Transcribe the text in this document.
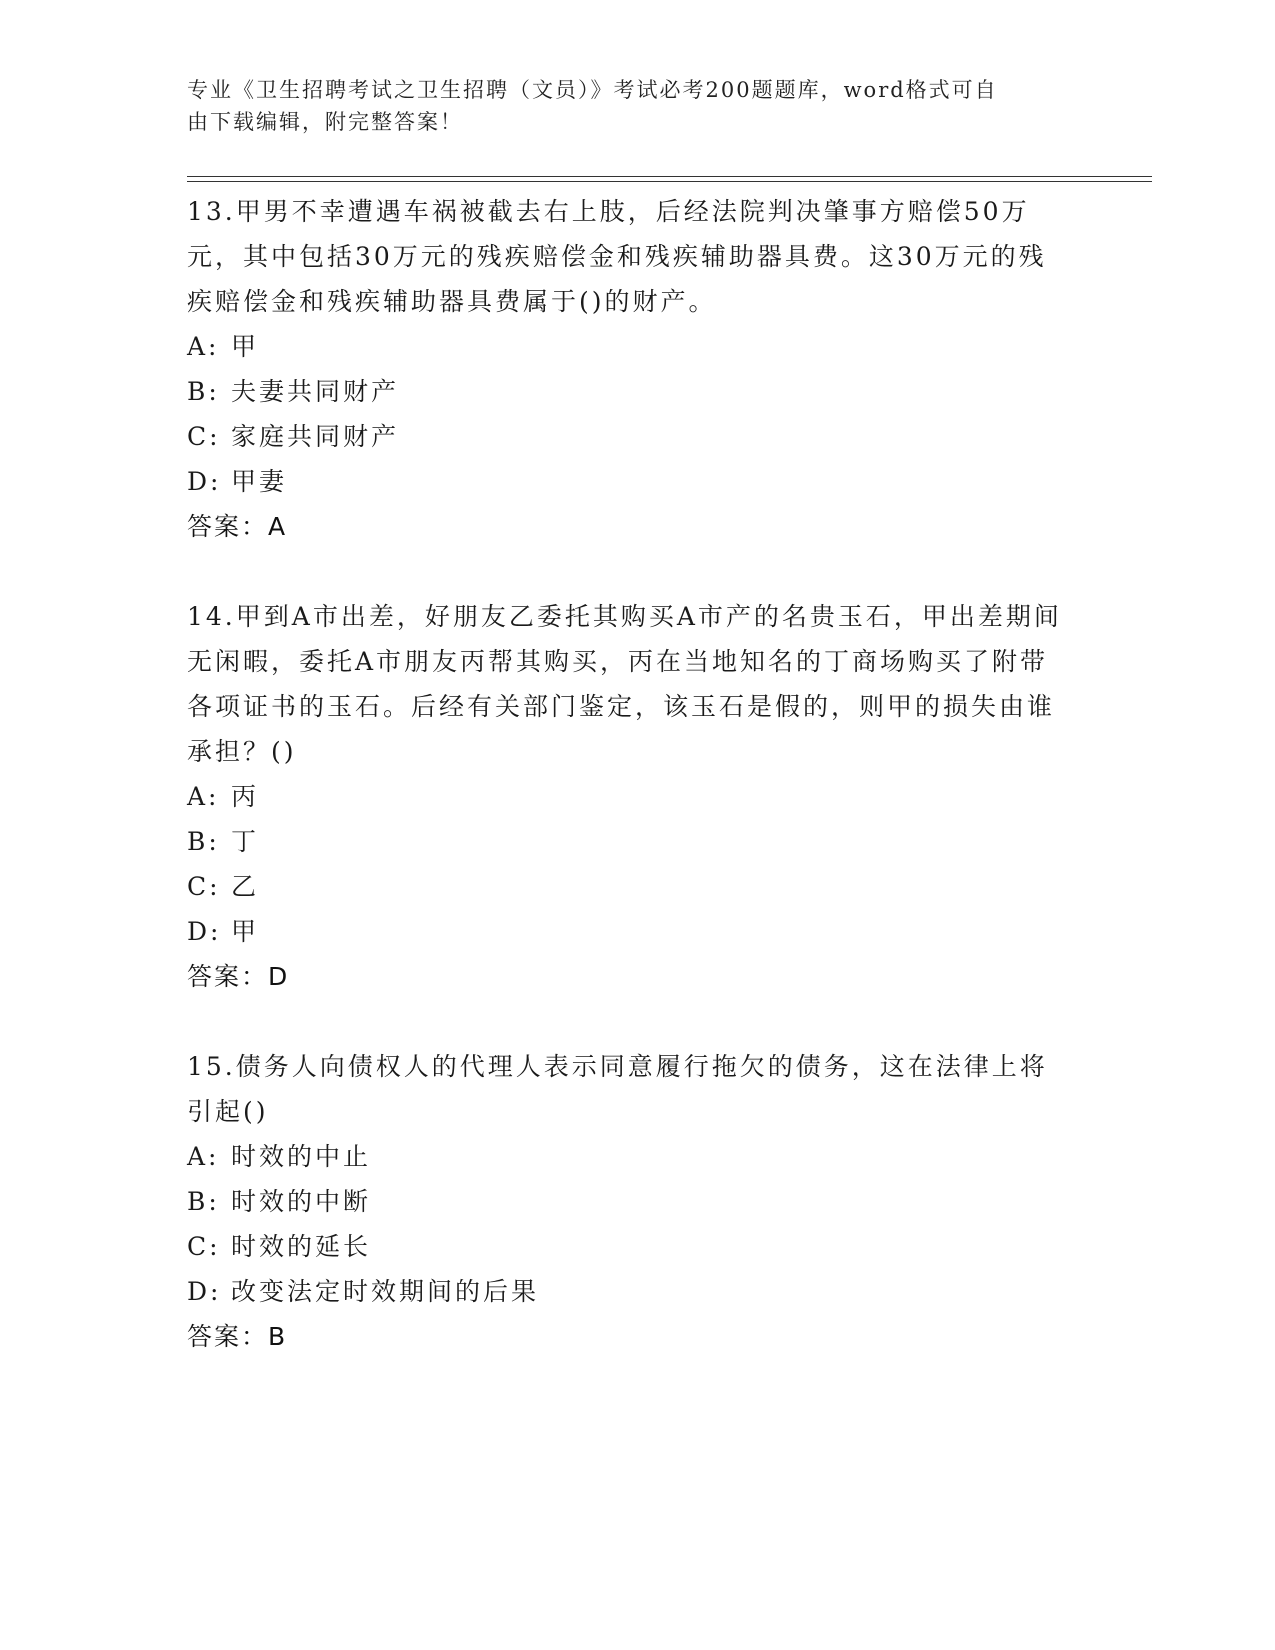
专业《卫生招聘考试之卫生招聘（文员）》考试必考200题题库，word格式可自
由下载编辑，附完整答案！

13.甲男不幸遭遇车祸被截去右上肢，后经法院判决肇事方赔偿50万元，其中包括30万元的残疾赔偿金和残疾辅助器具费。这30万元的残疾赔偿金和残疾辅助器具费属于()的财产。

A: 甲

B: 夫妻共同财产

C: 家庭共同财产

D: 甲妻

答案：A

14.甲到A市出差，好朋友乙委托其购买A市产的名贵玉石，甲出差期间无闲暇，委托A市朋友丙帮其购买，丙在当地知名的丁商场购买了附带各项证书的玉石。后经有关部门鉴定，该玉石是假的，则甲的损失由谁承担？()

A: 丙

B: 丁

C: 乙

D: 甲

答案：D

15.债务人向债权人的代理人表示同意履行拖欠的债务，这在法律上将引起()

A: 时效的中止

B: 时效的中断

C: 时效的延长

D: 改变法定时效期间的后果

答案：B
